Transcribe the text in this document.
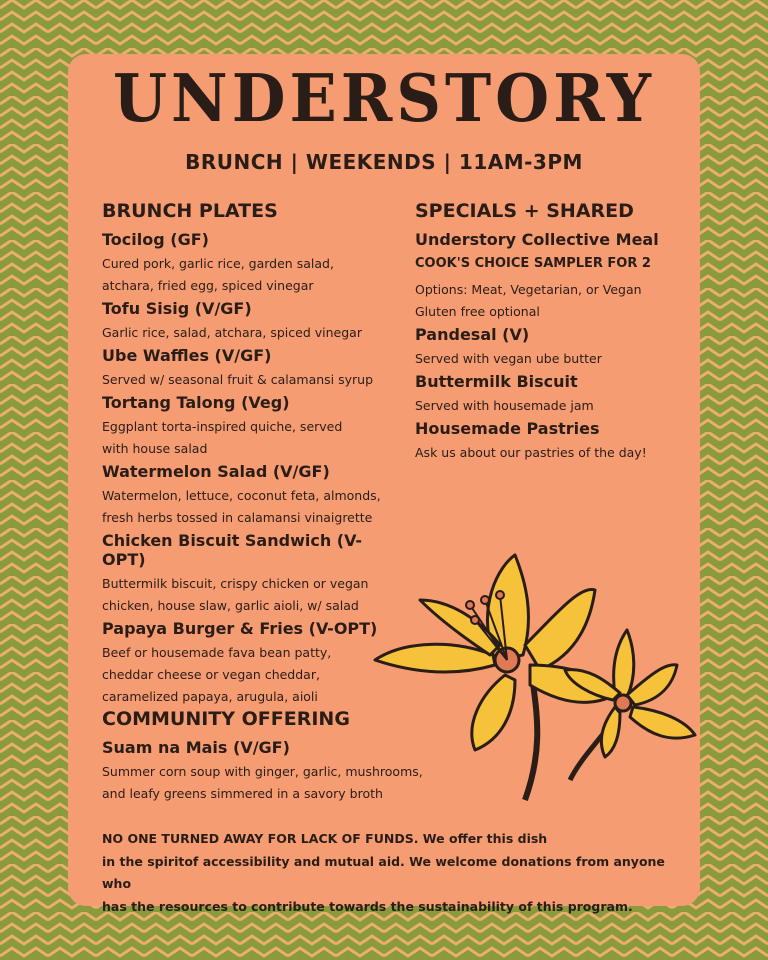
UNDERSTORY
BRUNCH | WEEKENDS | 11AM-3PM
BRUNCH PLATES
Tocilog (GF)
Cured pork, garlic rice, garden salad,
atchara, fried egg, spiced vinegar
Tofu Sisig (V/GF)
Garlic rice, salad, atchara, spiced vinegar
Ube Waffles (V/GF)
Served w/ seasonal fruit & calamansi syrup
Tortang Talong (Veg)
Eggplant torta-inspired quiche, served
with house salad
Watermelon Salad (V/GF)
Watermelon, lettuce, coconut feta, almonds,
fresh herbs tossed in calamansi vinaigrette
Chicken Biscuit Sandwich (V-OPT)
Buttermilk biscuit, crispy chicken or vegan
chicken, house slaw, garlic aioli, w/ salad
Papaya Burger & Fries (V-OPT)
Beef or housemade fava bean patty,
cheddar cheese or vegan cheddar,
caramelized papaya, arugula, aioli
SPECIALS + SHARED
Understory Collective Meal
COOK'S CHOICE SAMPLER FOR 2
Options: Meat, Vegetarian, or Vegan
Gluten free optional
Pandesal (V)
Served with vegan ube butter
Buttermilk Biscuit
Served with housemade jam
Housemade Pastries
Ask us about our pastries of the day!
COMMUNITY OFFERING
Suam na Mais (V/GF)
Summer corn soup with ginger, garlic, mushrooms,
and leafy greens simmered in a savory broth
NO ONE TURNED AWAY FOR LACK OF FUNDS. We offer this dish
in the spiritof accessibility and mutual aid. We welcome donations from anyone who
has the resources to contribute towards the sustainability of this program.
